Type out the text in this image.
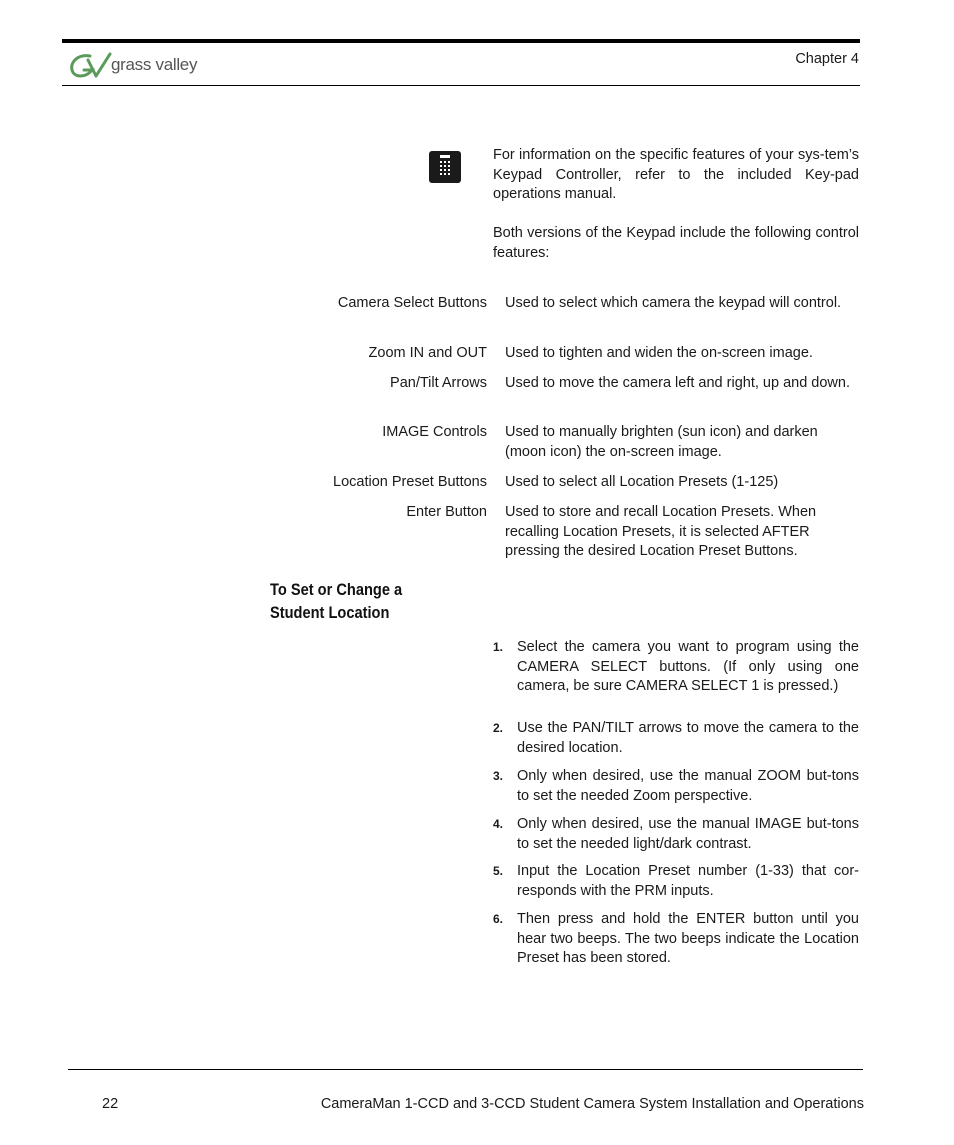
grass valley	Chapter 4
For information on the specific features of your sys-tem’s Keypad Controller, refer to the included Key-pad operations manual.
Both versions of the Keypad include the following control features:
Camera Select Buttons Used to select which camera the keypad will control.
Zoom IN and OUT Used to tighten and widen the on-screen image.
Pan/Tilt Arrows Used to move the camera left and right, up and down.
IMAGE Controls Used to manually brighten (sun icon) and darken (moon icon) the on-screen image.
Location Preset Buttons Used to select all Location Presets (1-125)
Enter Button Used to store and recall Location Presets. When recalling Location Presets, it is selected AFTER pressing the desired Location Preset Buttons.
To Set or Change a
Student Location
1. Select the camera you want to program using the CAMERA SELECT buttons. (If only using one camera, be sure CAMERA SELECT 1 is pressed.)
2. Use the PAN/TILT arrows to move the camera to the desired location.
3. Only when desired, use the manual ZOOM but-tons to set the needed Zoom perspective.
4. Only when desired, use the manual IMAGE but-tons to set the needed light/dark contrast.
5. Input the Location Preset number (1-33) that cor-responds with the PRM inputs.
6. Then press and hold the ENTER button until you hear two beeps. The two beeps indicate the Location Preset has been stored.
22	CameraMan 1-CCD and 3-CCD Student Camera System Installation and Operations
